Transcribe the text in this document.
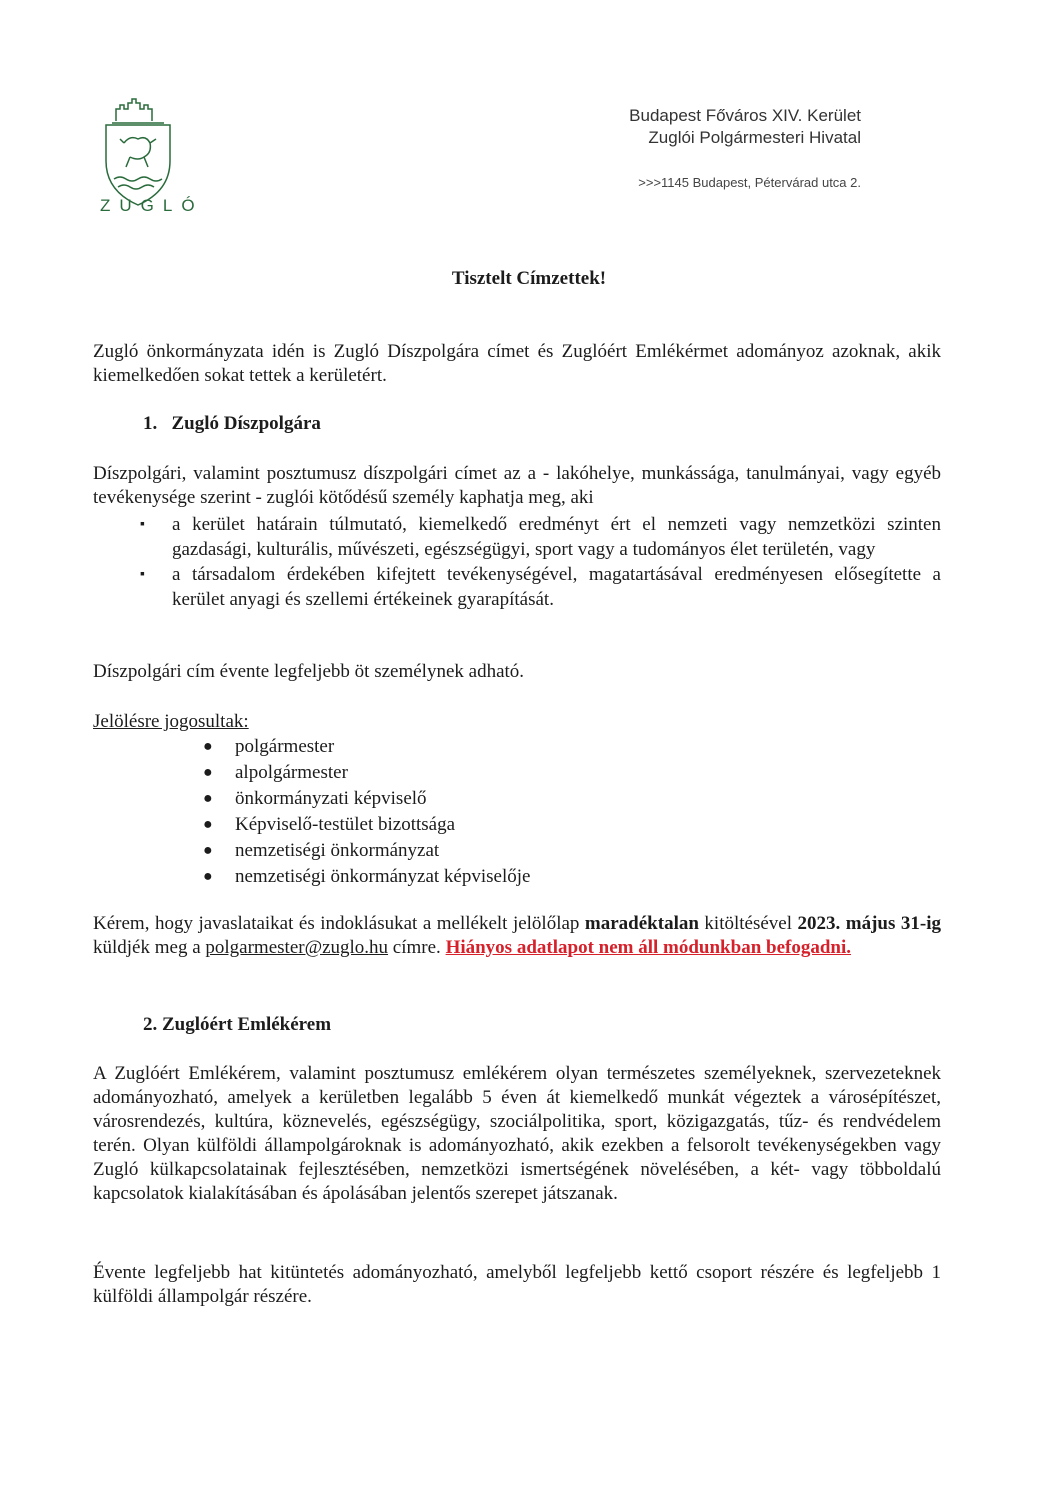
ZUGLÓ
Budapest Főváros XIV. Kerület
Zuglói Polgármesteri Hivatal
>>>1145 Budapest, Pétervárad utca 2.
Tisztelt Címzettek!
Zugló önkormányzata idén is Zugló Díszpolgára címet és Zuglóért Emlékérmet adományoz azoknak, akik kiemelkedően sokat tettek a kerületért.
1. Zugló Díszpolgára
Díszpolgári, valamint posztumusz díszpolgári címet az a - lakóhelye, munkássága, tanulmányai, vagy egyéb tevékenysége szerint - zuglói kötődésű személy kaphatja meg, aki
▪ a kerület határain túlmutató, kiemelkedő eredményt ért el nemzeti vagy nemzetközi szinten gazdasági, kulturális, művészeti, egészségügyi, sport vagy a tudományos élet területén, vagy
▪ a társadalom érdekében kifejtett tevékenységével, magatartásával eredményesen elősegítette a kerület anyagi és szellemi értékeinek gyarapítását.
Díszpolgári cím évente legfeljebb öt személynek adható.
Jelölésre jogosultak:
● polgármester
● alpolgármester
● önkormányzati képviselő
● Képviselő-testület bizottsága
● nemzetiségi önkormányzat
● nemzetiségi önkormányzat képviselője
Kérem, hogy javaslataikat és indoklásukat a mellékelt jelölőlap maradéktalan kitöltésével 2023. május 31-ig küldjék meg a polgarmester@zuglo.hu címre. Hiányos adatlapot nem áll módunkban befogadni.
2. Zuglóért Emlékérem
A Zuglóért Emlékérem, valamint posztumusz emlékérem olyan természetes személyeknek, szervezeteknek adományozható, amelyek a kerületben legalább 5 éven át kiemelkedő munkát végeztek a városépítészet, városrendezés, kultúra, köznevelés, egészségügy, szociálpolitika, sport, közigazgatás, tűz- és rendvédelem terén. Olyan külföldi állampolgároknak is adományozható, akik ezekben a felsorolt tevékenységekben vagy Zugló külkapcsolatainak fejlesztésében, nemzetközi ismertségének növelésében, a két- vagy többoldalú kapcsolatok kialakításában és ápolásában jelentős szerepet játszanak.
Évente legfeljebb hat kitüntetés adományozható, amelyből legfeljebb kettő csoport részére és legfeljebb 1 külföldi állampolgár részére.
